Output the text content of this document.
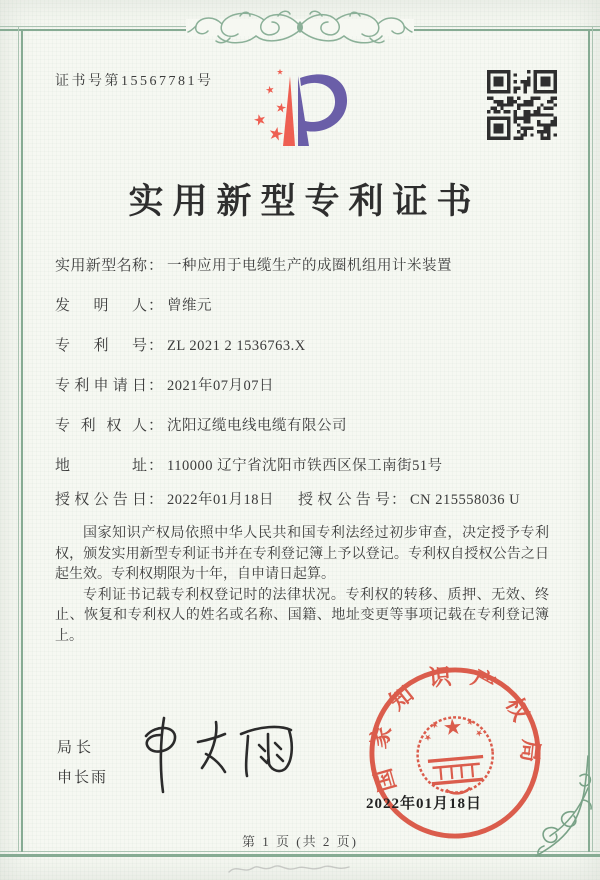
证书号第15567781号
实用新型专利证书
实用新型名称： 一种应用于电缆生产的成圈机组用计米装置
发明人： 曾维元
专利号： ZL 2021 2 1536763.X
专利申请日： 2021年07月07日
专利权人： 沈阳辽缆电线电缆有限公司
地址： 110000 辽宁省沈阳市铁西区保工南街51号
授权公告日： 2022年01月18日 授权公告号： CN 215558036 U

国家知识产权局依照中华人民共和国专利法经过初步审查，决定授予专利权，颁发实用新型专利证书并在专利登记簿上予以登记。专利权自授权公告之日起生效。专利权期限为十年，自申请日起算。

专利证书记载专利权登记时的法律状况。专利权的转移、质押、无效、终止、恢复和专利权人的姓名或名称、国籍、地址变更等事项记载在专利登记簿上。

局长
申长雨	国家知识产权局
2022年01月18日
第 1 页 (共 2 页)
